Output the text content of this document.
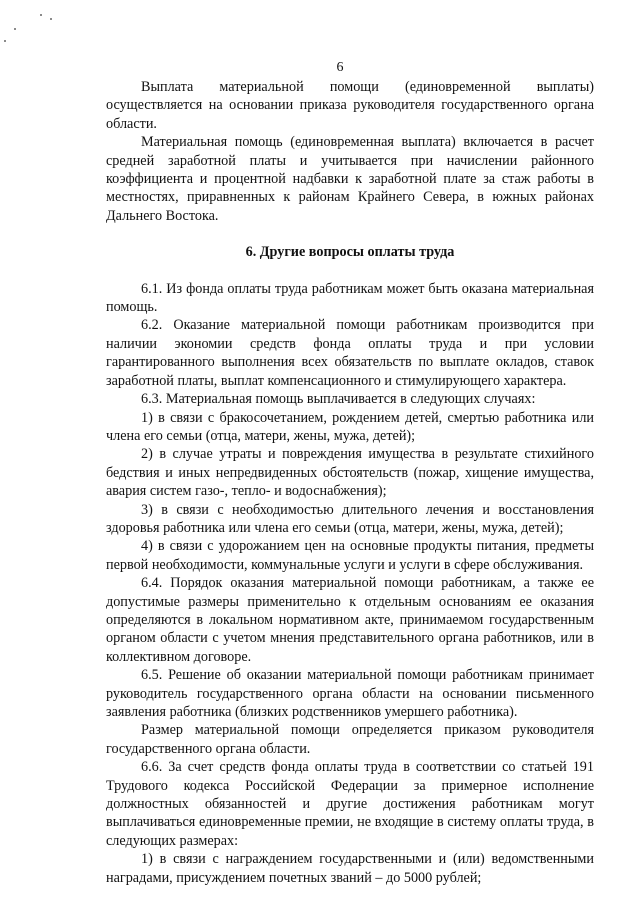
6

Выплата материальной помощи (единовременной выплаты) осуществляется на основании приказа руководителя государственного органа области.

Материальная помощь (единовременная выплата) включается в расчет средней заработной платы и учитывается при начислении районного коэффициента и процентной надбавки к заработной плате за стаж работы в местностях, приравненных к районам Крайнего Севера, в южных районах Дальнего Востока.

6. Другие вопросы оплаты труда

6.1. Из фонда оплаты труда работникам может быть оказана материальная помощь.

6.2. Оказание материальной помощи работникам производится при наличии экономии средств фонда оплаты труда и при условии гарантированного выполнения всех обязательств по выплате окладов, ставок заработной платы, выплат компенсационного и стимулирующего характера.

6.3. Материальная помощь выплачивается в следующих случаях:

1) в связи с бракосочетанием, рождением детей, смертью работника или члена его семьи (отца, матери, жены, мужа, детей);

2) в случае утраты и повреждения имущества в результате стихийного бедствия и иных непредвиденных обстоятельств (пожар, хищение имущества, авария систем газо-, тепло- и водоснабжения);

3) в связи с необходимостью длительного лечения и восстановления здоровья работника или члена его семьи (отца, матери, жены, мужа, детей);

4) в связи с удорожанием цен на основные продукты питания, предметы первой необходимости, коммунальные услуги и услуги в сфере обслуживания.

6.4. Порядок оказания материальной помощи работникам, а также ее допустимые размеры применительно к отдельным основаниям ее оказания определяются в локальном нормативном акте, принимаемом государственным органом области с учетом мнения представительного органа работников, или в коллективном договоре.

6.5. Решение об оказании материальной помощи работникам принимает руководитель государственного органа области на основании письменного заявления работника (близких родственников умершего работника).

Размер материальной помощи определяется приказом руководителя государственного органа области.

6.6. За счет средств фонда оплаты труда в соответствии со статьей 191 Трудового кодекса Российской Федерации за примерное исполнение должностных обязанностей и другие достижения работникам могут выплачиваться единовременные премии, не входящие в систему оплаты труда, в следующих размерах:

1) в связи с награждением государственными и (или) ведомственными наградами, присуждением почетных званий – до 5000 рублей;
